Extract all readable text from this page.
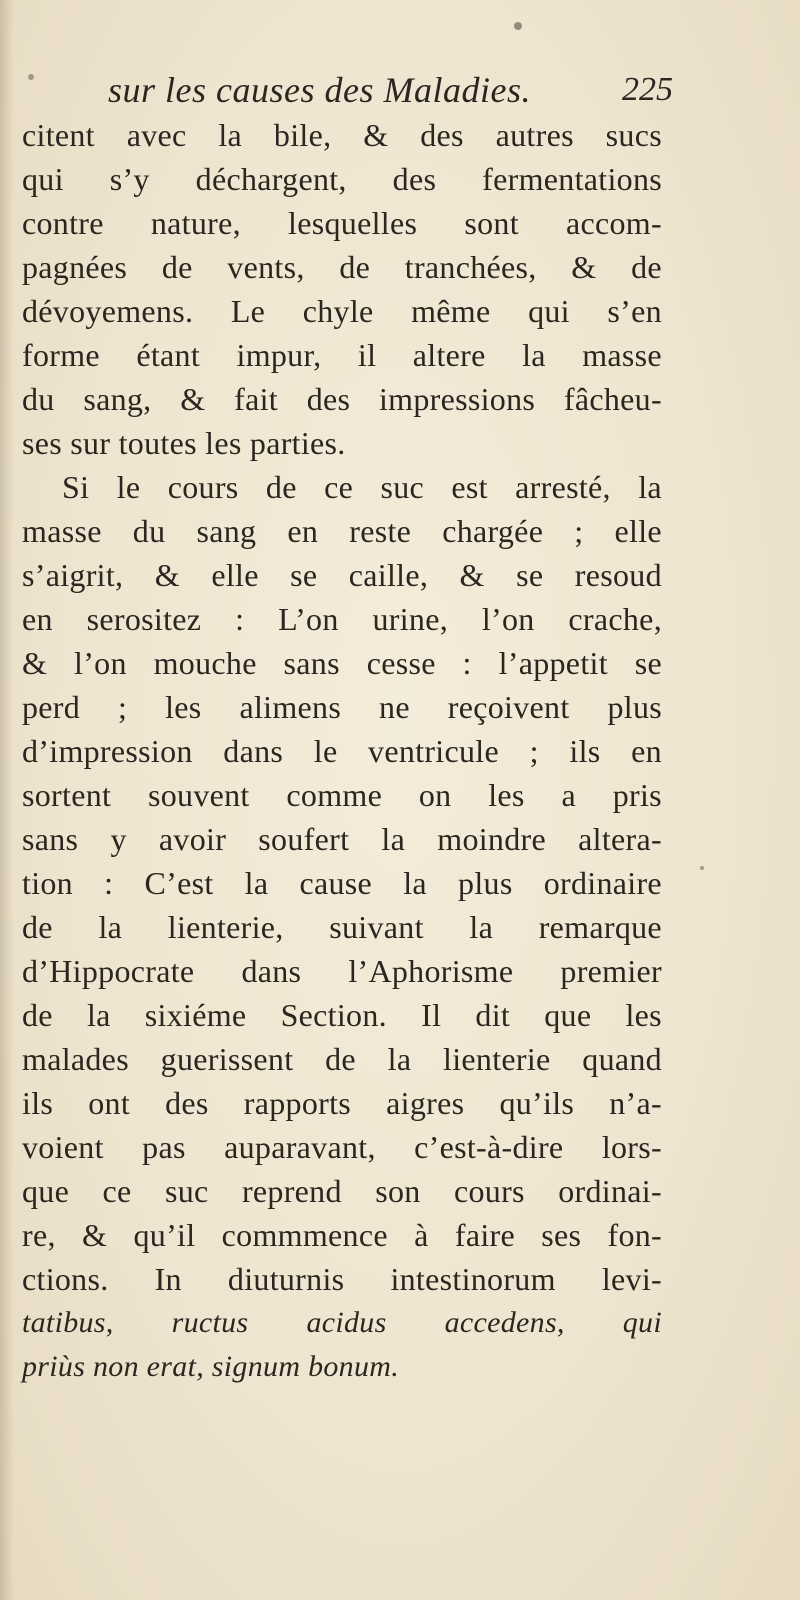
sur les causes des Maladies.	225
citent avec la bile, & des autres sucs
qui s’y déchargent, des fermentations
contre nature, lesquelles sont accom-
pagnées de vents, de tranchées, & de
dévoyemens. Le chyle même qui s’en
forme étant impur, il altere la masse
du sang, & fait des impressions fâcheu-
ses sur toutes les parties.
Si le cours de ce suc est arresté, la
masse du sang en reste chargée ; elle
s’aigrit, & elle se caille, & se resoud
en serositez : L’on urine, l’on crache,
& l’on mouche sans cesse : l’appetit se
perd ; les alimens ne reçoivent plus
d’impression dans le ventricule ; ils en
sortent souvent comme on les a pris
sans y avoir soufert la moindre altera-
tion : C’est la cause la plus ordinaire
de la lienterie, suivant la remarque
d’Hippocrate dans l’Aphorisme premier
de la sixiéme Section. Il dit que les
malades guerissent de la lienterie quand
ils ont des rapports aigres qu’ils n’a-
voient pas auparavant, c’est-à-dire lors-
que ce suc reprend son cours ordinai-
re, & qu’il commmence à faire ses fon-
ctions. In diuturnis intestinorum levi-
tatibus, ructus acidus accedens, qui
priùs non erat, signum bonum.
